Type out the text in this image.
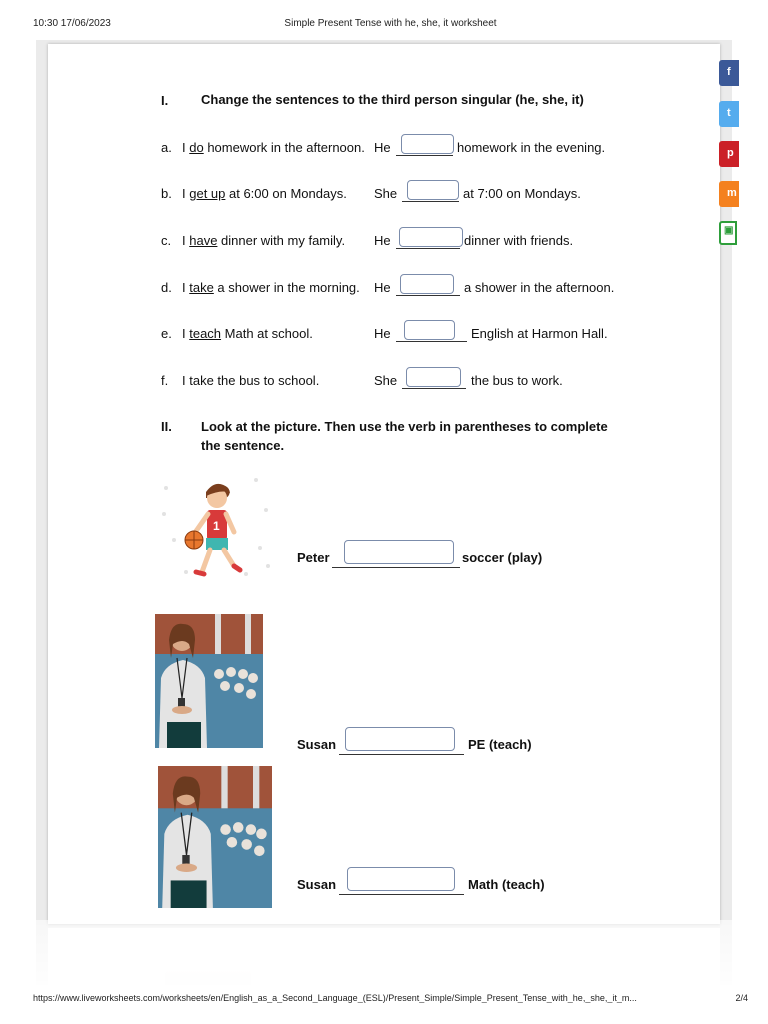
10:30 17/06/2023	Simple Present Tense with he, she, it worksheet
I.	Change the sentences to the third person singular (he, she, it)
a. I do homework in the afternoon. He	homework in the evening.
b. I get up at 6:00 on Mondays. She	at 7:00 on Mondays.
c. I have dinner with my family. He	dinner with friends.
d. I take a shower in the morning. He	a shower in the afternoon.
e. I teach Math at school.	He	English at Harmon Hall.
f. I take the bus to school.	She	the bus to work.
II. Look at the picture. Then use the verb in parentheses to complete
the sentence.
1
Peter	soccer (play)
Susan	PE (teach)
Susan	Math (teach)
f
t
p
m
▣
https://www.liveworksheets.com/worksheets/en/English_as_a_Second_Language_(ESL)/Present_Simple/Simple_Present_Tense_with_he,_she,_it_m...	2/4
